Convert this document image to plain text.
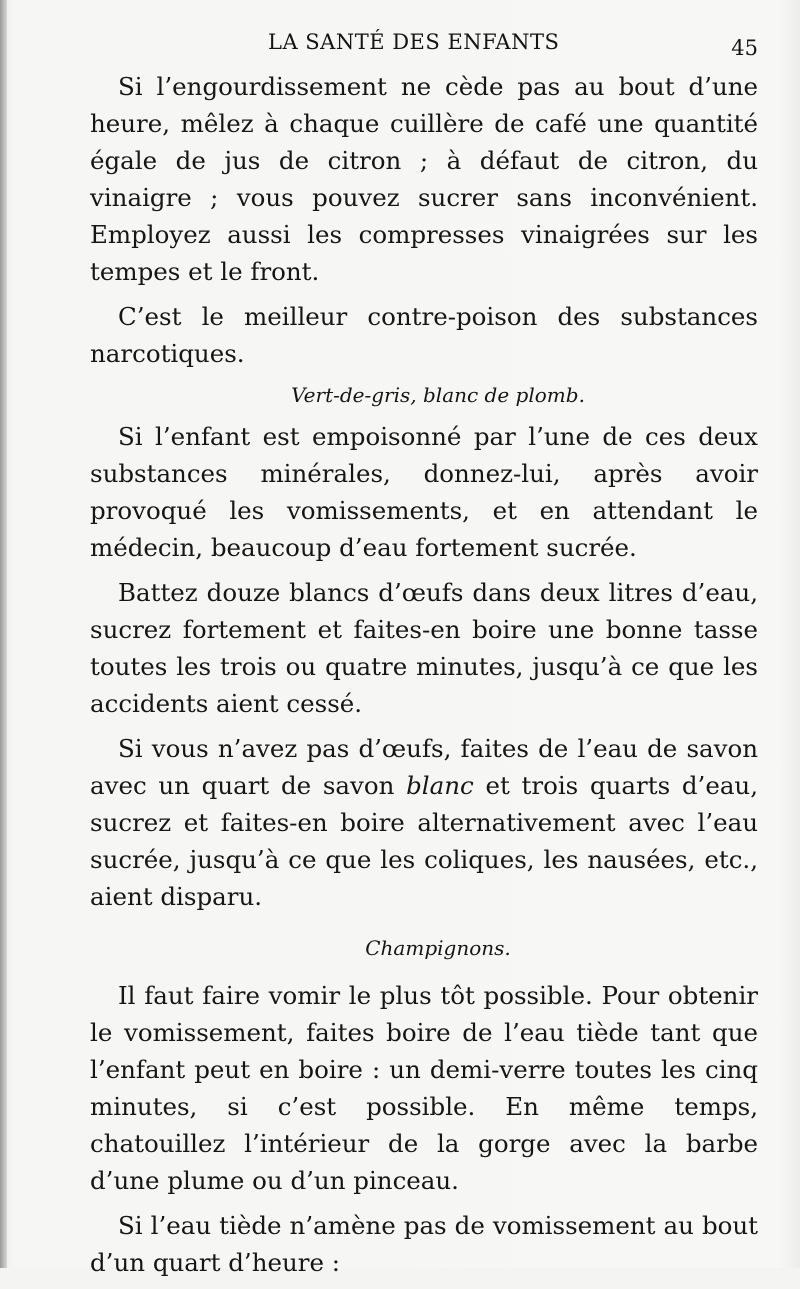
LA SANTÉ DES ENFANTS	45

Si l’engourdissement ne cède pas au bout d’une heure, mêlez à chaque cuillère de café une quantité égale de jus de citron ; à défaut de citron, du vinaigre ; vous pouvez sucrer sans inconvénient. Employez aussi les compresses vinaigrées sur les tempes et le front.

C’est le meilleur contre-poison des substances narcotiques.

Vert-de-gris, blanc de plomb.

Si l’enfant est empoisonné par l’une de ces deux substances minérales, donnez-lui, après avoir provoqué les vomissements, et en attendant le médecin, beaucoup d’eau fortement sucrée.

Battez douze blancs d’œufs dans deux litres d’eau, sucrez fortement et faites-en boire une bonne tasse toutes les trois ou quatre minutes, jusqu’à ce que les accidents aient cessé.

Si vous n’avez pas d’œufs, faites de l’eau de savon avec un quart de savon blanc et trois quarts d’eau, sucrez et faites-en boire alternativement avec l’eau sucrée, jusqu’à ce que les coliques, les nausées, etc., aient disparu.

Champignons.

Il faut faire vomir le plus tôt possible. Pour obtenir le vomissement, faites boire de l’eau tiède tant que l’enfant peut en boire : un demi-verre toutes les cinq minutes, si c’est possible. En même temps, chatouillez l’intérieur de la gorge avec la barbe d’une plume ou d’un pinceau.

Si l’eau tiède n’amène pas de vomissement au bout d’un quart d’heure :
